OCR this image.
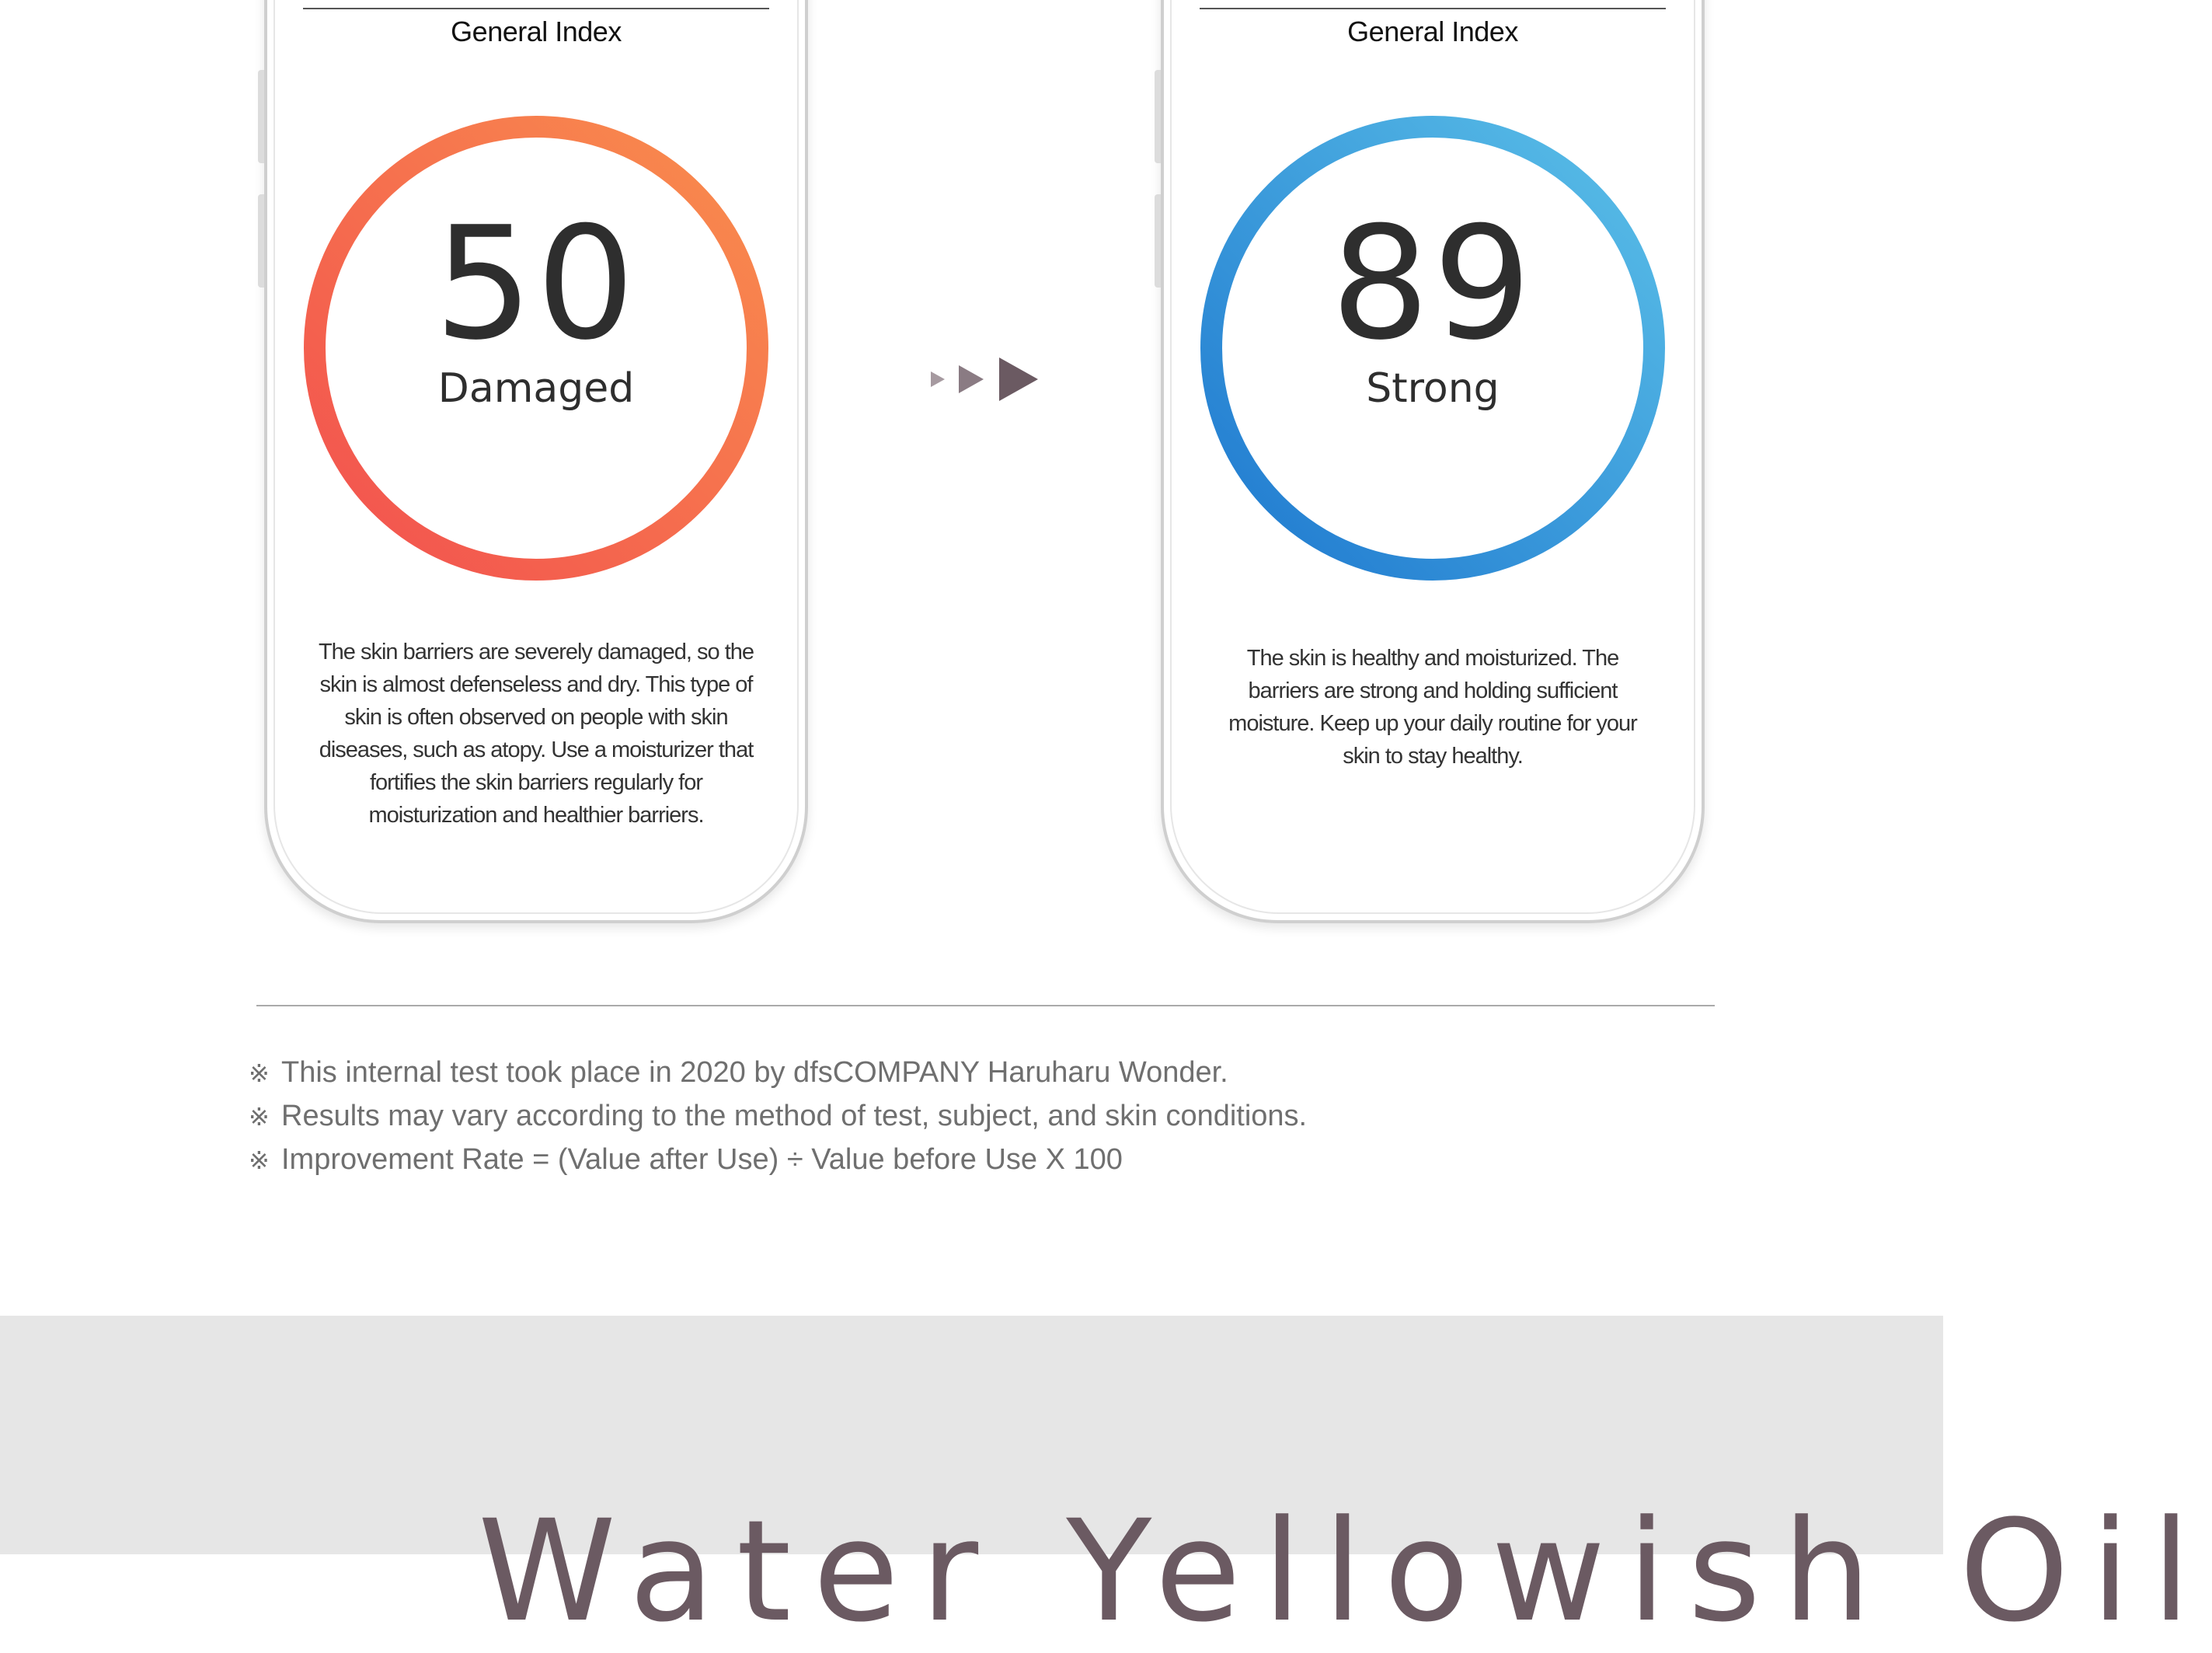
General Index
50
Damaged
The skin barriers are severely damaged, so the skin is almost defenseless and dry. This type of skin is often observed on people with skin diseases, such as atopy. Use a moisturizer that fortifies the skin barriers regularly for moisturization and healthier barriers.
General Index
89
Strong
The skin is healthy and moisturized. The barriers are strong and holding sufficient moisture. Keep up your daily routine for your skin to stay healthy.
※ This internal test took place in 2020 by dfsCOMPANY Haruharu Wonder.
※ Results may vary according to the method of test, subject, and skin conditions.
※ Improvement Rate = (Value after Use) ÷ Value before Use X 100
Water Yellowish Oil
